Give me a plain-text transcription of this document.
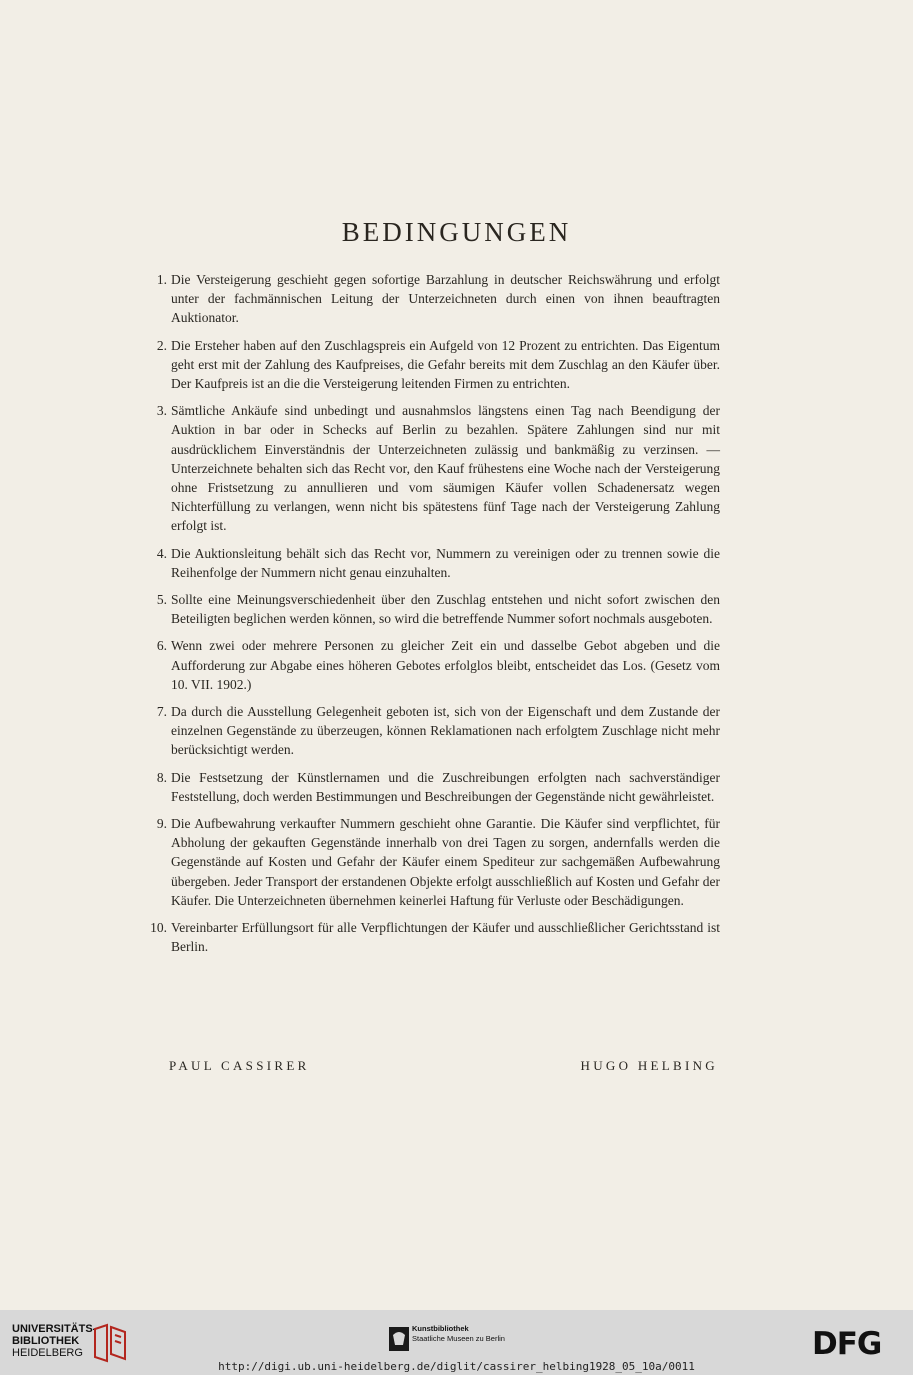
BEDINGUNGEN
1. Die Versteigerung geschieht gegen sofortige Barzahlung in deutscher Reichswährung und erfolgt unter der fachmännischen Leitung der Unterzeichneten durch einen von ihnen beauftragten Auktionator.
2. Die Ersteher haben auf den Zuschlagspreis ein Aufgeld von 12 Prozent zu entrichten. Das Eigentum geht erst mit der Zahlung des Kaufpreises, die Gefahr bereits mit dem Zuschlag an den Käufer über. Der Kaufpreis ist an die die Versteigerung leitenden Firmen zu entrichten.
3. Sämtliche Ankäufe sind unbedingt und ausnahmslos längstens einen Tag nach Beendigung der Auktion in bar oder in Schecks auf Berlin zu bezahlen. Spätere Zahlungen sind nur mit ausdrücklichem Einverständnis der Unterzeichneten zulässig und bankmäßig zu verzinsen. — Unterzeichnete behalten sich das Recht vor, den Kauf frühestens eine Woche nach der Versteigerung ohne Fristsetzung zu annullieren und vom säumigen Käufer vollen Schadenersatz wegen Nichterfüllung zu verlangen, wenn nicht bis spätestens fünf Tage nach der Versteigerung Zahlung erfolgt ist.
4. Die Auktionsleitung behält sich das Recht vor, Nummern zu vereinigen oder zu trennen sowie die Reihenfolge der Nummern nicht genau einzuhalten.
5. Sollte eine Meinungsverschiedenheit über den Zuschlag entstehen und nicht sofort zwischen den Beteiligten beglichen werden können, so wird die betreffende Nummer sofort nochmals ausgeboten.
6. Wenn zwei oder mehrere Personen zu gleicher Zeit ein und dasselbe Gebot abgeben und die Aufforderung zur Abgabe eines höheren Gebotes erfolglos bleibt, entscheidet das Los. (Gesetz vom 10. VII. 1902.)
7. Da durch die Ausstellung Gelegenheit geboten ist, sich von der Eigenschaft und dem Zustande der einzelnen Gegenstände zu überzeugen, können Reklamationen nach erfolgtem Zuschlage nicht mehr berücksichtigt werden.
8. Die Festsetzung der Künstlernamen und die Zuschreibungen erfolgten nach sachverständiger Feststellung, doch werden Bestimmungen und Beschreibungen der Gegenstände nicht gewährleistet.
9. Die Aufbewahrung verkaufter Nummern geschieht ohne Garantie. Die Käufer sind verpflichtet, für Abholung der gekauften Gegenstände innerhalb von drei Tagen zu sorgen, andernfalls werden die Gegenstände auf Kosten und Gefahr der Käufer einem Spediteur zur sachgemäßen Aufbewahrung übergeben. Jeder Transport der erstandenen Objekte erfolgt ausschließlich auf Kosten und Gefahr der Käufer. Die Unterzeichneten übernehmen keinerlei Haftung für Verluste oder Beschädigungen.
10. Vereinbarter Erfüllungsort für alle Verpflichtungen der Käufer und ausschließlicher Gerichtsstand ist Berlin.
PAUL CASSIRER	HUGO HELBING
UNIVERSITÄTS-
BIBLIOTHEK
HEIDELBERG
Kunstbibliothek
Staatliche Museen zu Berlin	DFG
http://digi.ub.uni-heidelberg.de/diglit/cassirer_helbing1928_05_10a/0011
